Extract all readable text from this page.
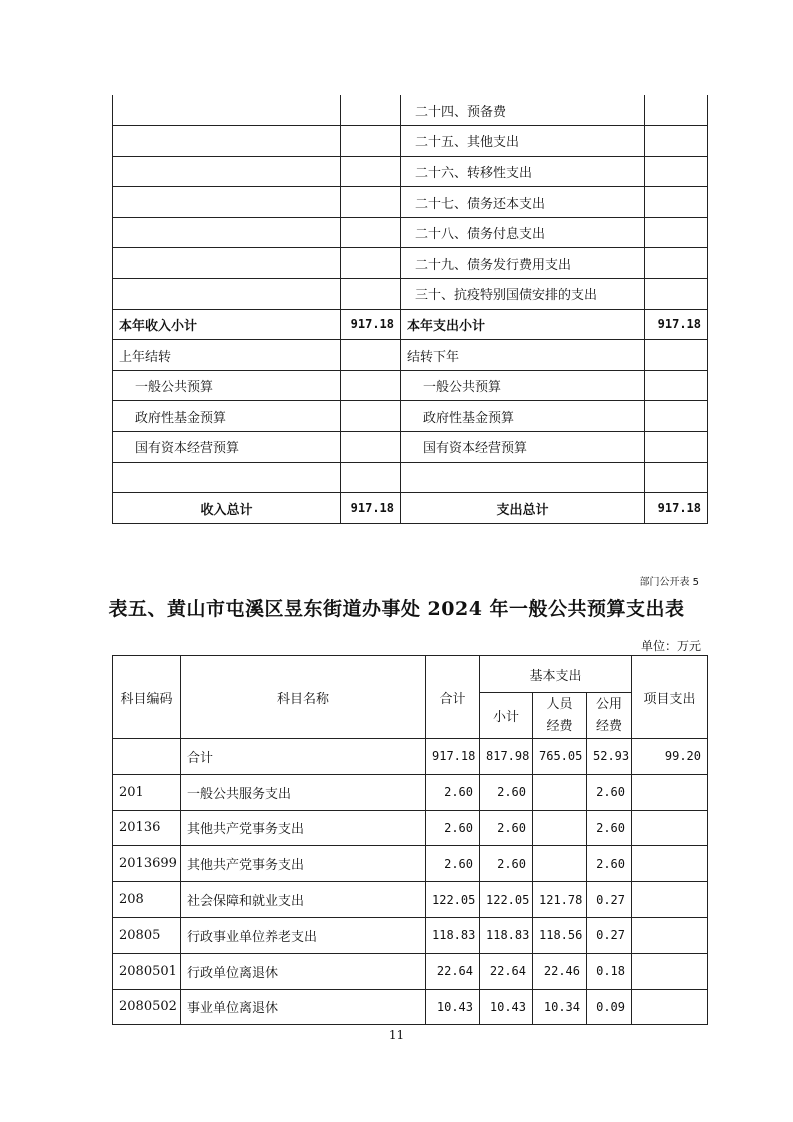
		二十四、预备费	
		二十五、其他支出	
		二十六、转移性支出	
		二十七、债务还本支出	
		二十八、债务付息支出	
		二十九、债务发行费用支出	
		三十、抗疫特别国债安排的支出	
本年收入小计	917.18	本年支出小计	917.18
上年结转		结转下年	
一般公共预算		一般公共预算	
政府性基金预算		政府性基金预算	
国有资本经营预算		国有资本经营预算	

收入总计	917.18	支出总计	917.18
部门公开表 5
表五、黄山市屯溪区昱东街道办事处 2024 年一般公共预算支出表
单位：万元
科目编码	科目名称	合计	基本支出			项目支出
			小计	人员经费	公用经费	
	合计	917.18	817.98	765.05	52.93	99.20
201	一般公共服务支出	2.60	2.60		2.60	
20136	其他共产党事务支出	2.60	2.60		2.60	
2013699	其他共产党事务支出	2.60	2.60		2.60	
208	社会保障和就业支出	122.05	122.05	121.78	0.27	
20805	行政事业单位养老支出	118.83	118.83	118.56	0.27	
2080501	行政单位离退休	22.64	22.64	22.46	0.18	
2080502	事业单位离退休	10.43	10.43	10.34	0.09	
11
